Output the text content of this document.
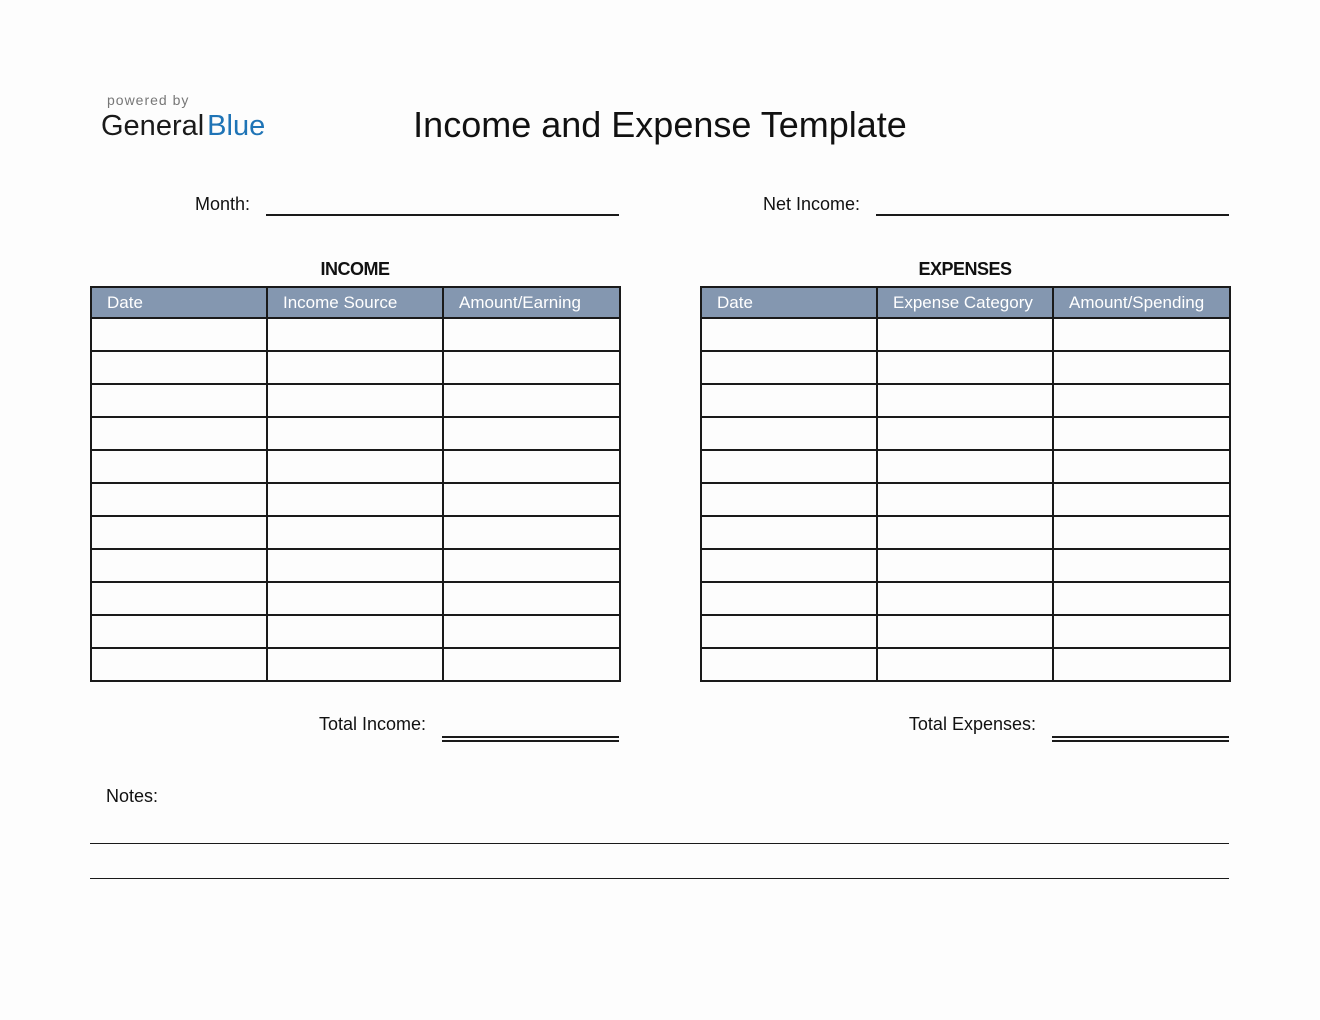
powered by
General Blue	Income and Expense Template
Month:	Net Income:
INCOME	EXPENSES
Date	Income Source	Amount/Earning

			Date	Expense Category	Amount/Spending

Total Income:	Total Expenses:
Notes:
